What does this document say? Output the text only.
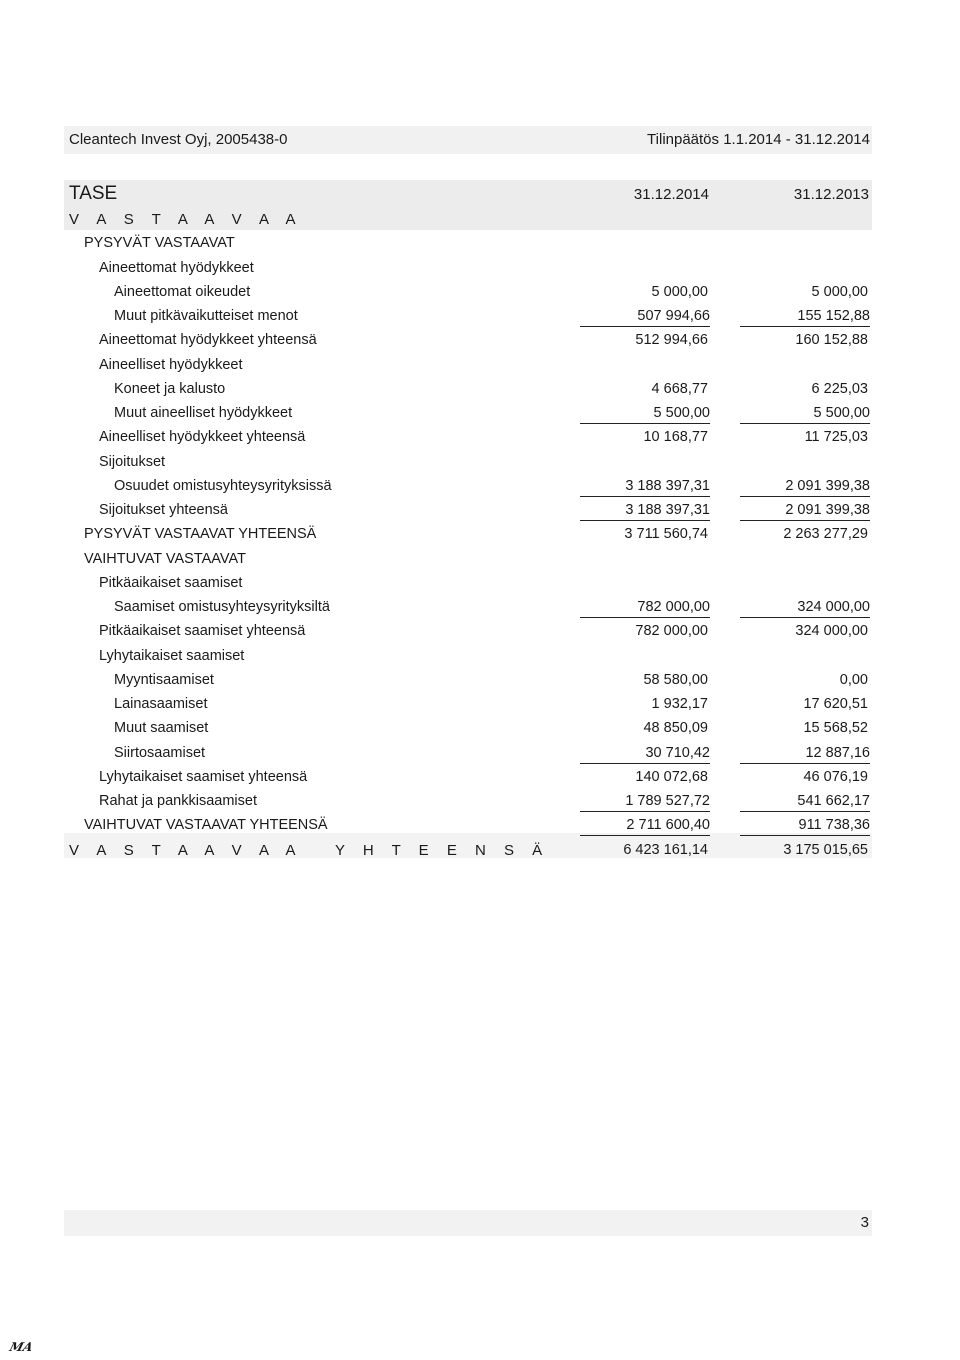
Cleantech Invest Oyj, 2005438-0	Tilinpäätös 1.1.2014 - 31.12.2014
TASE	31.12.2014	31.12.2013
V A S T A A V A A
PYSYVÄT VASTAAVAT
Aineettomat hyödykkeet
Aineettomat oikeudet	5 000,00	5 000,00
Muut pitkävaikutteiset menot	507 994,66	155 152,88
Aineettomat hyödykkeet yhteensä	512 994,66	160 152,88
Aineelliset hyödykkeet
Koneet ja kalusto	4 668,77	6 225,03
Muut aineelliset hyödykkeet	5 500,00	5 500,00
Aineelliset hyödykkeet yhteensä	10 168,77	11 725,03
Sijoitukset
Osuudet omistusyhteysyrityksissä	3 188 397,31	2 091 399,38
Sijoitukset yhteensä	3 188 397,31	2 091 399,38
PYSYVÄT VASTAAVAT YHTEENSÄ	3 711 560,74	2 263 277,29
VAIHTUVAT VASTAAVAT
Pitkäaikaiset saamiset
Saamiset omistusyhteysyrityksiltä	782 000,00	324 000,00
Pitkäaikaiset saamiset yhteensä	782 000,00	324 000,00
Lyhytaikaiset saamiset
Myyntisaamiset	58 580,00	0,00
Lainasaamiset	1 932,17	17 620,51
Muut saamiset	48 850,09	15 568,52
Siirtosaamiset	30 710,42	12 887,16
Lyhytaikaiset saamiset yhteensä	140 072,68	46 076,19
Rahat ja pankkisaamiset	1 789 527,72	541 662,17
VAIHTUVAT VASTAAVAT YHTEENSÄ	2 711 600,40	911 738,36
V A S T A A V A A   Y H T E E N S Ä	6 423 161,14	3 175 015,65
3
MA
